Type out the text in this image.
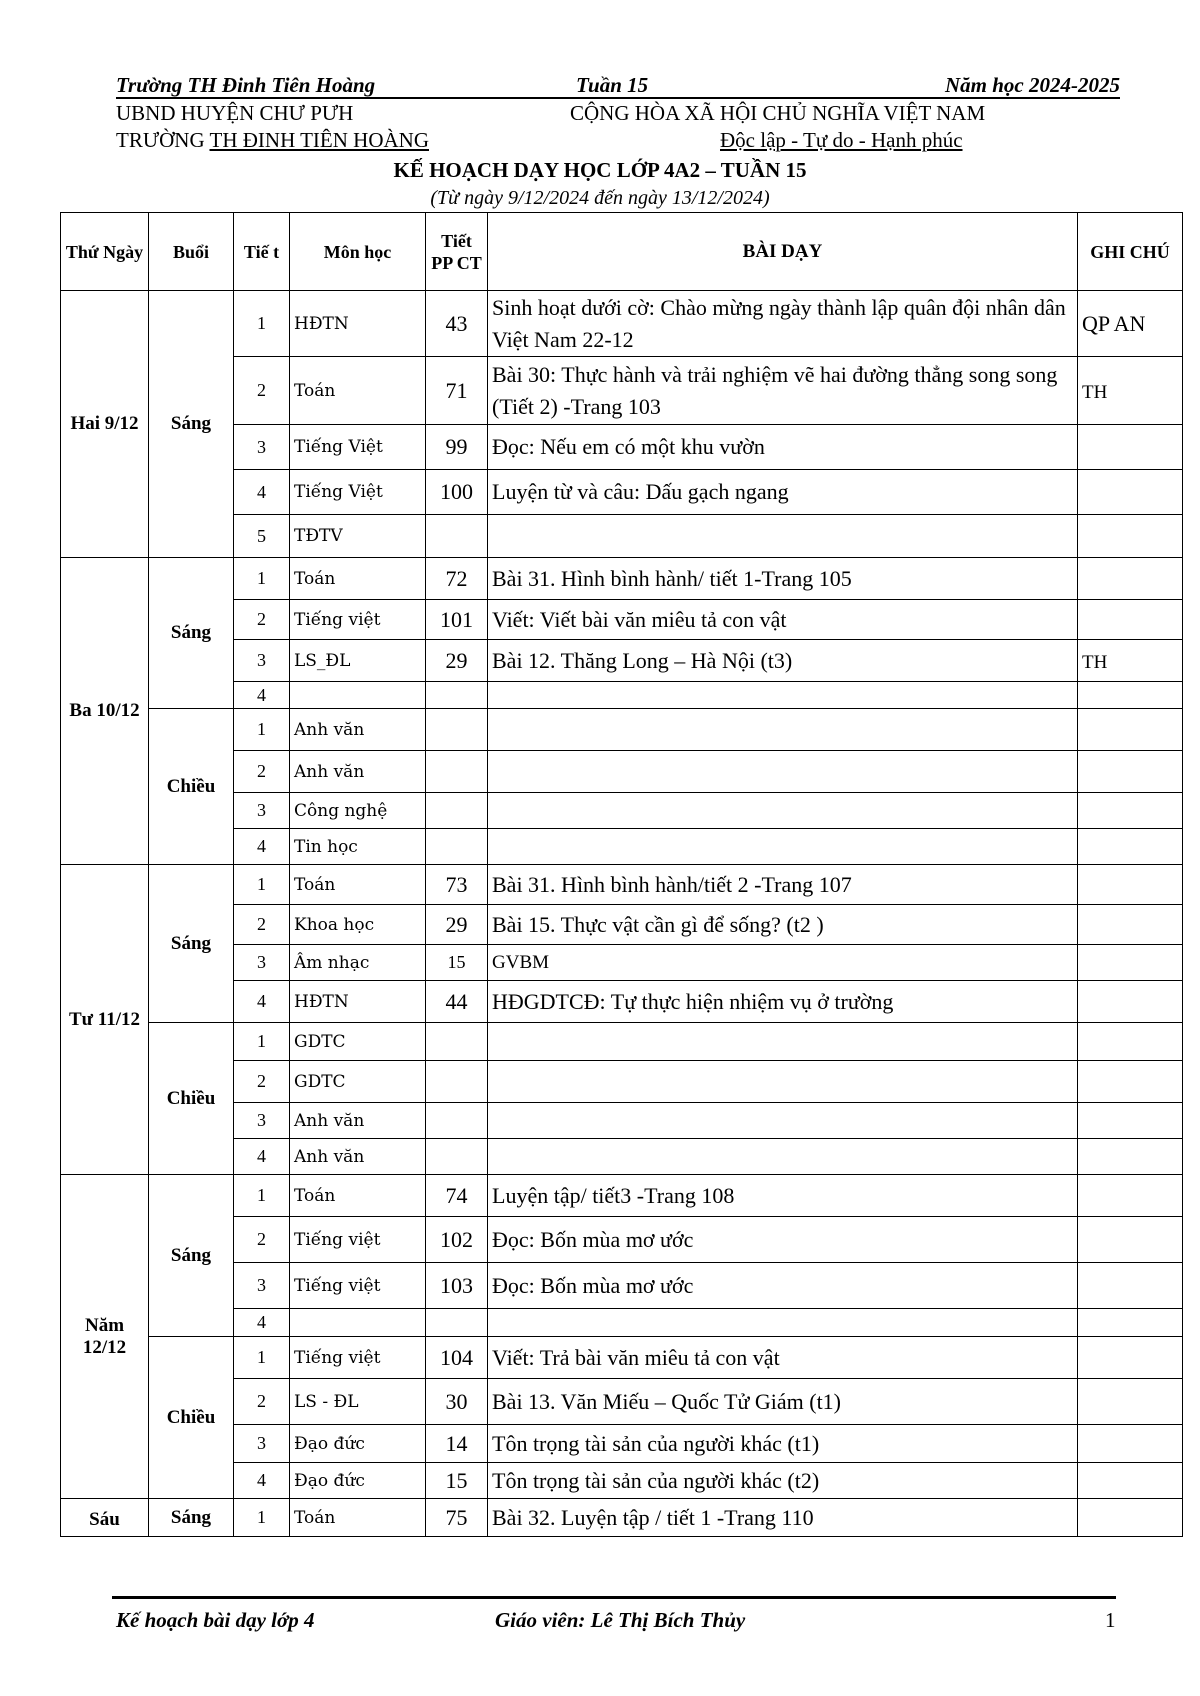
Trường TH Đinh Tiên Hoàng	Tuần 15	Năm học 2024-2025
UBND HUYỆN CHƯ PƯH	CỘNG HÒA XÃ HỘI CHỦ NGHĨA VIỆT NAM
TRƯỜNG TH ĐINH TIÊN HOÀNG	Độc lập - Tự do - Hạnh phúc
KẾ HOẠCH DẠY HỌC LỚP 4A2 – TUẦN 15
(Từ ngày 9/12/2024 đến ngày 13/12/2024)
Thứ Ngày	Buổi	Tiế t	Môn học	Tiết PP CT	BÀI DẠY	GHI CHÚ
Hai 9/12	Sáng	1	HĐTN	43	Sinh hoạt dưới cờ: Chào mừng ngày thành lập quân đội nhân dân Việt Nam 22-12	QP AN
		2	Toán	71	Bài 30: Thực hành và trải nghiệm vẽ hai đường thẳng song song (Tiết 2) -Trang 103	TH
		3	Tiếng Việt	99	Đọc: Nếu em có một khu vườn	
		4	Tiếng Việt	100	Luyện từ và câu: Dấu gạch ngang	
		5	TĐTV			
Ba 10/12	Sáng	1	Toán	72	Bài 31. Hình bình hành/ tiết 1-Trang 105	
		2	Tiếng việt	101	Viết: Viết bài văn miêu tả con vật	
		3	LS_ĐL	29	Bài 12. Thăng Long – Hà Nội (t3)	TH
		4				
	Chiều	1	Anh văn			
		2	Anh văn			
		3	Công nghệ			
		4	Tin học			
Tư 11/12	Sáng	1	Toán	73	Bài 31. Hình bình hành/tiết 2 -Trang 107	
		2	Khoa học	29	Bài 15. Thực vật cần gì để sống? (t2 )	
		3	Âm nhạc	15	GVBM	
		4	HĐTN	44	HĐGDTCĐ: Tự thực hiện nhiệm vụ ở trường	
	Chiều	1	GDTC			
		2	GDTC			
		3	Anh văn			
		4	Anh văn			
Năm 12/12	Sáng	1	Toán	74	Luyện tập/ tiết3 -Trang 108	
		2	Tiếng việt	102	Đọc: Bốn mùa mơ ước	
		3	Tiếng việt	103	Đọc: Bốn mùa mơ ước	
		4				
	Chiều	1	Tiếng việt	104	Viết: Trả bài văn miêu tả con vật	
		2	LS - ĐL	30	Bài 13. Văn Miếu – Quốc Tử Giám (t1)	
		3	Đạo đức	14	Tôn trọng tài sản của người khác (t1)	
		4	Đạo đức	15	Tôn trọng tài sản của người khác (t2)	
Sáu	Sáng	1	Toán	75	Bài 32. Luyện tập / tiết 1 -Trang 110	
Kế hoạch bài dạy lớp 4	Giáo viên: Lê Thị Bích Thủy	1
